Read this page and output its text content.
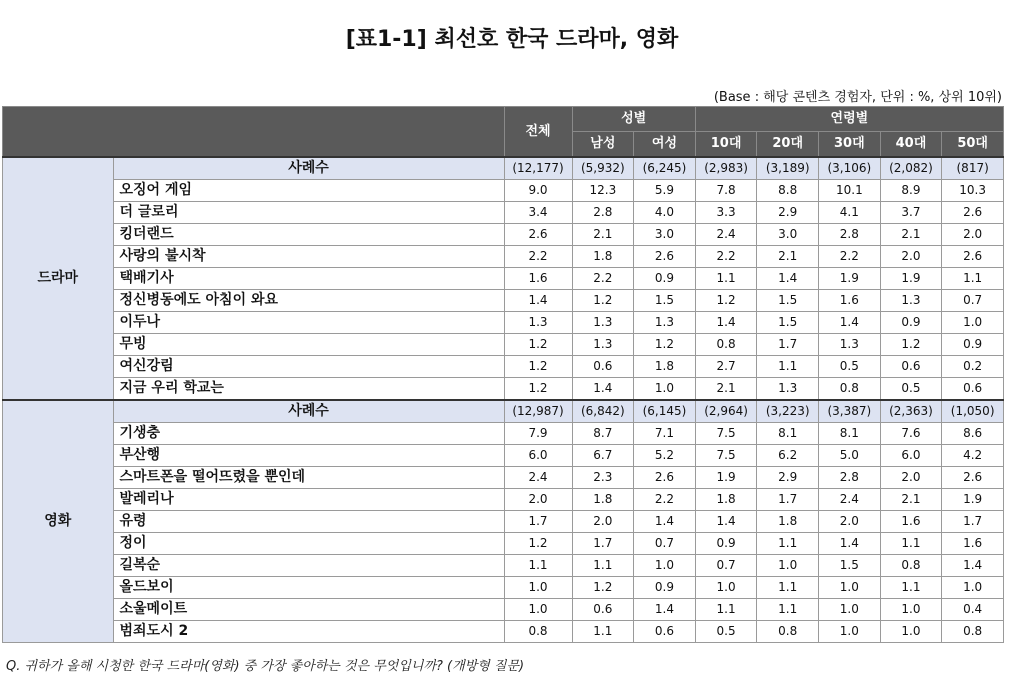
[표1-1] 최선호 한국 드라마, 영화
(Base : 해당 콘텐츠 경험자, 단위 : %, 상위 10위)
		전체	성별		연령별				
			남성	여성	10대	20대	30대	40대	50대
드라마	사례수	(12,177)	(5,932)	(6,245)	(2,983)	(3,189)	(3,106)	(2,082)	(817)
	오징어 게임	9.0	12.3	5.9	7.8	8.8	10.1	8.9	10.3
	더 글로리	3.4	2.8	4.0	3.3	2.9	4.1	3.7	2.6
	킹더랜드	2.6	2.1	3.0	2.4	3.0	2.8	2.1	2.0
	사랑의 불시착	2.2	1.8	2.6	2.2	2.1	2.2	2.0	2.6
	택배기사	1.6	2.2	0.9	1.1	1.4	1.9	1.9	1.1
	정신병동에도 아침이 와요	1.4	1.2	1.5	1.2	1.5	1.6	1.3	0.7
	이두나	1.3	1.3	1.3	1.4	1.5	1.4	0.9	1.0
	무빙	1.2	1.3	1.2	0.8	1.7	1.3	1.2	0.9
	여신강림	1.2	0.6	1.8	2.7	1.1	0.5	0.6	0.2
	지금 우리 학교는	1.2	1.4	1.0	2.1	1.3	0.8	0.5	0.6
영화	사례수	(12,987)	(6,842)	(6,145)	(2,964)	(3,223)	(3,387)	(2,363)	(1,050)
	기생충	7.9	8.7	7.1	7.5	8.1	8.1	7.6	8.6
	부산행	6.0	6.7	5.2	7.5	6.2	5.0	6.0	4.2
	스마트폰을 떨어뜨렸을 뿐인데	2.4	2.3	2.6	1.9	2.9	2.8	2.0	2.6
	발레리나	2.0	1.8	2.2	1.8	1.7	2.4	2.1	1.9
	유령	1.7	2.0	1.4	1.4	1.8	2.0	1.6	1.7
	정이	1.2	1.7	0.7	0.9	1.1	1.4	1.1	1.6
	길복순	1.1	1.1	1.0	0.7	1.0	1.5	0.8	1.4
	올드보이	1.0	1.2	0.9	1.0	1.1	1.0	1.1	1.0
	소울메이트	1.0	0.6	1.4	1.1	1.1	1.0	1.0	0.4
	범죄도시 2	0.8	1.1	0.6	0.5	0.8	1.0	1.0	0.8
Q. 귀하가 올해 시청한 한국 드라마(영화) 중 가장 좋아하는 것은 무엇입니까? (개방형 질문)
